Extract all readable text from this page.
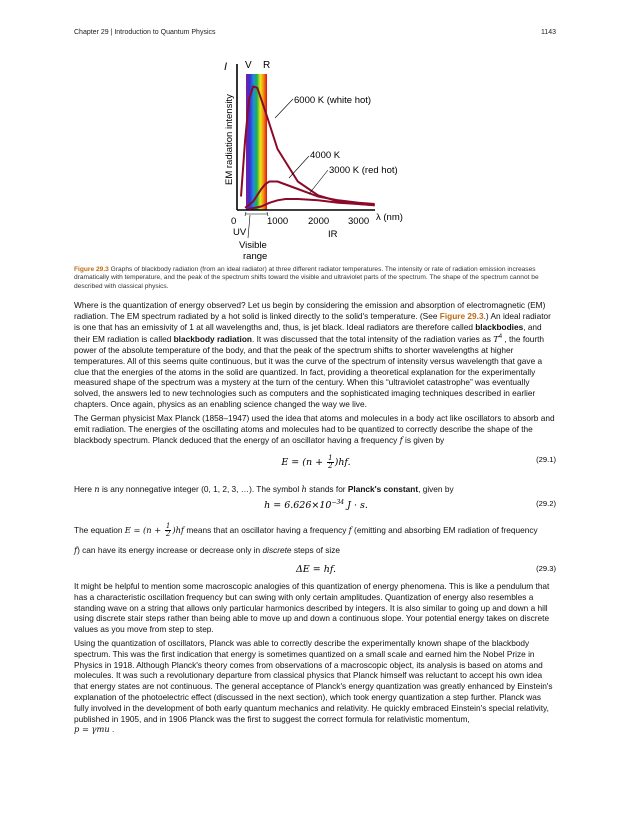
Chapter 29 | Introduction to Quantum Physics	1143
I V R
EM radiation intensity	6000 K (white hot)
4000 K
3000 K (red hot)
0	1000 2000 3000 λ (nm)
UV	IR
Visible
range
Figure 29.3 Graphs of blackbody radiation (from an ideal radiator) at three different radiator temperatures. The intensity or rate of radiation emission increases dramatically with temperature, and the peak of the spectrum shifts toward the visible and ultraviolet parts of the spectrum. The shape of the spectrum cannot be described with classical physics.

Where is the quantization of energy observed? Let us begin by considering the emission and absorption of electromagnetic (EM) radiation. The EM spectrum radiated by a hot solid is linked directly to the solid's temperature. (See Figure 29.3.) An ideal radiator is one that has an emissivity of 1 at all wavelengths and, thus, is jet black. Ideal radiators are therefore called blackbodies, and their EM radiation is called blackbody radiation. It was discussed that the total intensity of the radiation varies as $T^4$ , the fourth power of the absolute temperature of the body, and that the peak of the spectrum shifts to shorter wavelengths at higher temperatures. All of this seems quite continuous, but it was the curve of the spectrum of intensity versus wavelength that gave a clue that the energies of the atoms in the solid are quantized. In fact, providing a theoretical explanation for the experimentally measured shape of the spectrum was a mystery at the turn of the century. When this “ultraviolet catastrophe” was eventually solved, the answers led to new technologies such as computers and the sophisticated imaging techniques described in earlier chapters. Once again, physics as an enabling science changed the way we live.

The German physicist Max Planck (1858–1947) used the idea that atoms and molecules in a body act like oscillators to absorb and emit radiation. The energies of the oscillating atoms and molecules had to be quantized to correctly describe the shape of the blackbody spectrum. Planck deduced that the energy of an oscillator having a frequency f is given by

$E = (n + \frac{1}{2} )hf$.	(29.1)

Here n is any nonnegative integer (0, 1, 2, 3, …). The symbol h stands for Planck's constant, given by

$h = 6.626\times 10^{-34}$ J · s.	(29.2)

The equation $E = (n + \frac{1}{2} )hf$ means that an oscillator having a frequency f (emitting and absorbing EM radiation of frequency

f) can have its energy increase or decrease only in discrete steps of size

ΔE = hf.	(29.3)

It might be helpful to mention some macroscopic analogies of this quantization of energy phenomena. This is like a pendulum that has a characteristic oscillation frequency but can swing with only certain amplitudes. Quantization of energy also resembles a standing wave on a string that allows only particular harmonics described by integers. It is also similar to going up and down a hill using discrete stair steps rather than being able to move up and down a continuous slope. Your potential energy takes on discrete values as you move from step to step.

Using the quantization of oscillators, Planck was able to correctly describe the experimentally known shape of the blackbody spectrum. This was the first indication that energy is sometimes quantized on a small scale and earned him the Nobel Prize in Physics in 1918. Although Planck's theory comes from observations of a macroscopic object, its analysis is based on atoms and molecules. It was such a revolutionary departure from classical physics that Planck himself was reluctant to accept his own idea that energy states are not continuous. The general acceptance of Planck's energy quantization was greatly enhanced by Einstein's explanation of the photoelectric effect (discussed in the next section), which took energy quantization a step further. Planck was fully involved in the development of both early quantum mechanics and relativity. He quickly embraced Einstein's special relativity, published in 1905, and in 1906 Planck was the first to suggest the correct formula for relativistic momentum,
p = γmu .
